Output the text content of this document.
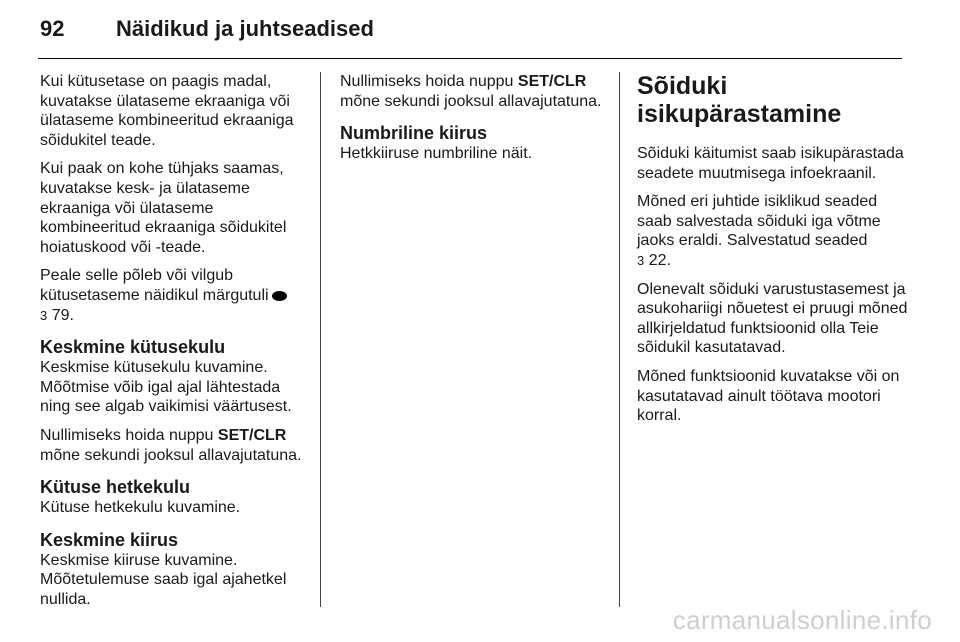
92 Näidikud ja juhtseadised

Kui kütusetase on paagis madal, kuvatakse ülataseme ekraaniga või ülataseme kombineeritud ekraaniga sõidukitel teade.

Kui paak on kohe tühjaks saamas, kuvatakse kesk- ja ülataseme ekraaniga või ülataseme kombineeritud ekraaniga sõidukitel hoiatuskood või -teade.

Peale selle põleb või vilgub kütusetaseme näidikul märgutuli
3 79.

Keskmine kütusekulu

Keskmise kütusekulu kuvamine. Mõõtmise võib igal ajal lähtestada ning see algab vaikimisi väärtusest.

Nullimiseks hoida nuppu SET/CLR mõne sekundi jooksul allavajutatuna.

Kütuse hetkekulu

Kütuse hetkekulu kuvamine.

Keskmine kiirus

Keskmise kiiruse kuvamine. Mõõtetulemuse saab igal ajahetkel nullida.

Nullimiseks hoida nuppu SET/CLR mõne sekundi jooksul allavajutatuna.

Numbriline kiirus

Hetkkiiruse numbriline näit.

Sõiduki
isikupärastamine

Sõiduki käitumist saab isikupärastada seadete muutmisega infoekraanil.

Mõned eri juhtide isiklikud seaded saab salvestada sõiduki iga võtme jaoks eraldi. Salvestatud seaded
3 22.

Olenevalt sõiduki varustustasemest ja asukohariigi nõuetest ei pruugi mõned allkirjeldatud funktsioonid olla Teie sõidukil kasutatavad.

Mõned funktsioonid kuvatakse või on kasutatavad ainult töötava mootori korral.

carmanualsonline.info
